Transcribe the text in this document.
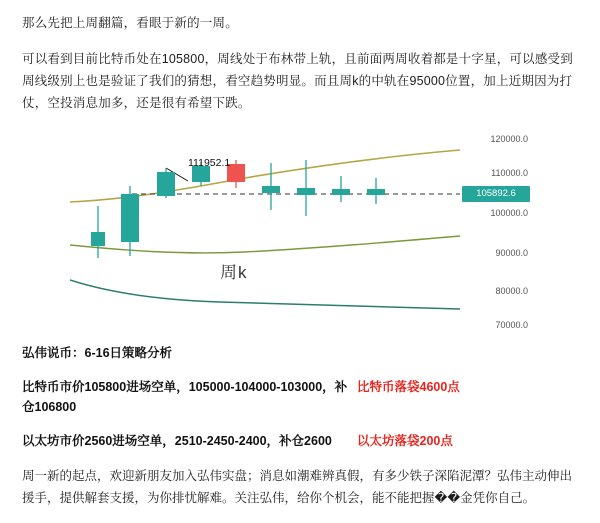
那么先把上周翻篇，看眼于新的一周。

可以看到目前比特币处在105800，周线处于布林带上轨，且前面两周收着都是十字星，可以感受到周线级别上也是验证了我们的猜想，看空趋势明显。而且周k的中轨在95000位置，加上近期因为打仗，空投消息加多，还是很有希望下跌。

111952.1
周k
120000.0
110000.0
100000.0
90000.0
80000.0
70000.0
105892.6
弘伟说币：6-16日策略分析
比特币市价105800进场空单，105000-104000-103000，补仓106800
比特币落袋4600点
以太坊市价2560进场空单，2510-2450-2400，补仓2600	以太坊落袋200点

周一新的起点，欢迎新朋友加入弘伟实盘；消息如潮难辨真假，有多少铁子深陷泥潭？弘伟主动伸出援手，提供解套支援，为你排忧解难。关注弘伟，给你个机会，能不能把握��金凭你自己。
